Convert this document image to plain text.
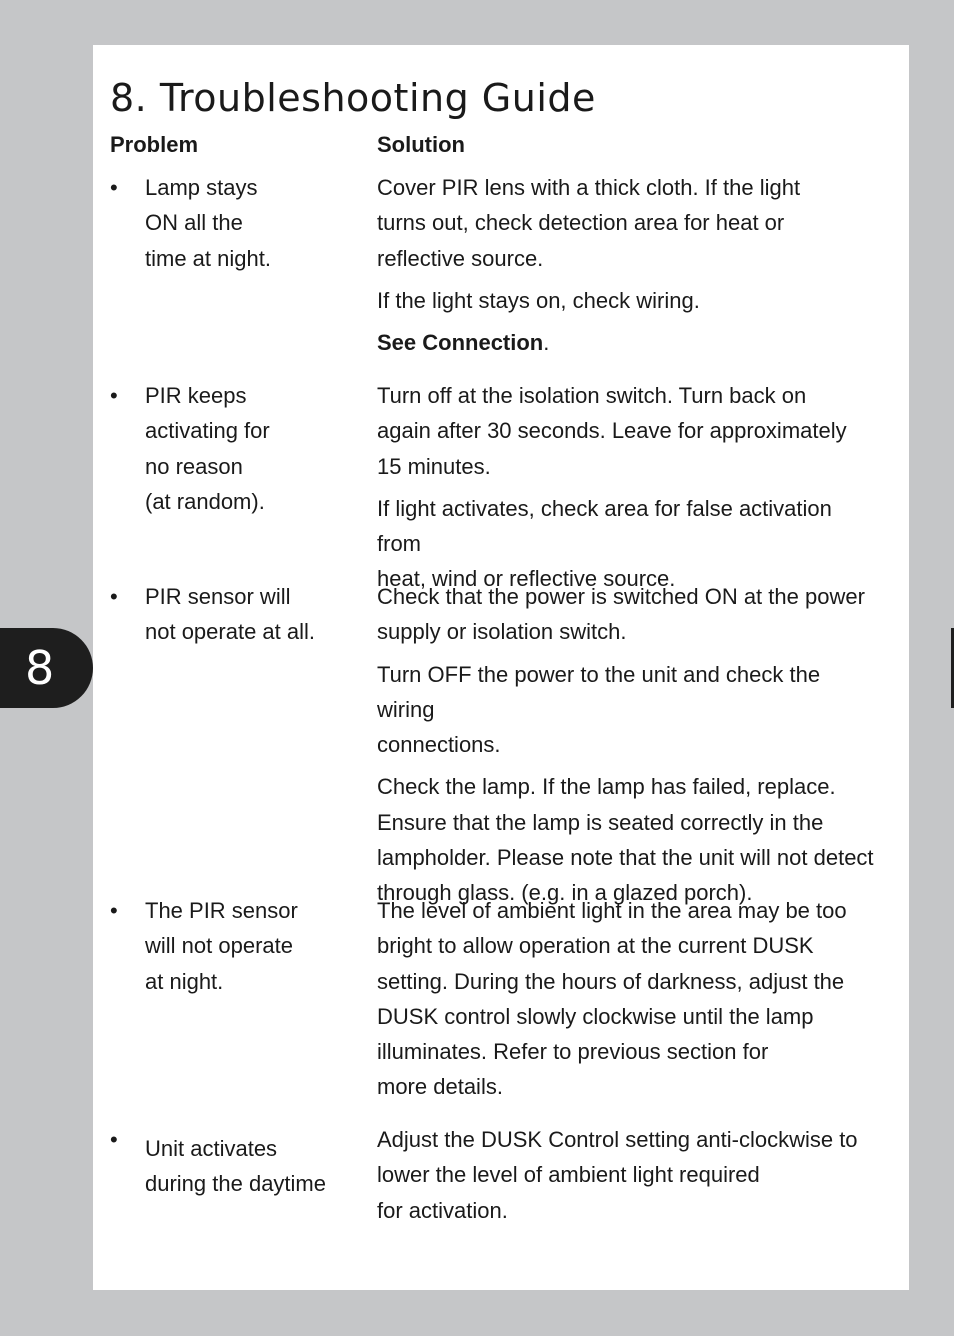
8
8. Troubleshooting Guide
Problem	Solution
• Lamp stays
ON all the
time at night.

Cover PIR lens with a thick cloth. If the light
turns out, check detection area for heat or
reflective source.

If the light stays on, check wiring.

See Connection.

• PIR keeps
activating for
no reason
(at random).

Turn off at the isolation switch. Turn back on
again after 30 seconds. Leave for approximately
15 minutes.

If light activates, check area for false activation from
heat, wind or reflective source.

• PIR sensor will
not operate at all.

Check that the power is switched ON at the power
supply or isolation switch.

Turn OFF the power to the unit and check the wiring
connections.

Check the lamp. If the lamp has failed, replace.
Ensure that the lamp is seated correctly in the
lampholder. Please note that the unit will not detect
through glass. (e.g. in a glazed porch).

• The PIR sensor
will not operate
at night.

The level of ambient light in the area may be too
bright to allow operation at the current DUSK
setting. During the hours of darkness, adjust the
DUSK control slowly clockwise until the lamp
illuminates. Refer to previous section for
more details.

• Unit activates
during the daytime

Adjust the DUSK Control setting anti-clockwise to
lower the level of ambient light required
for activation.
